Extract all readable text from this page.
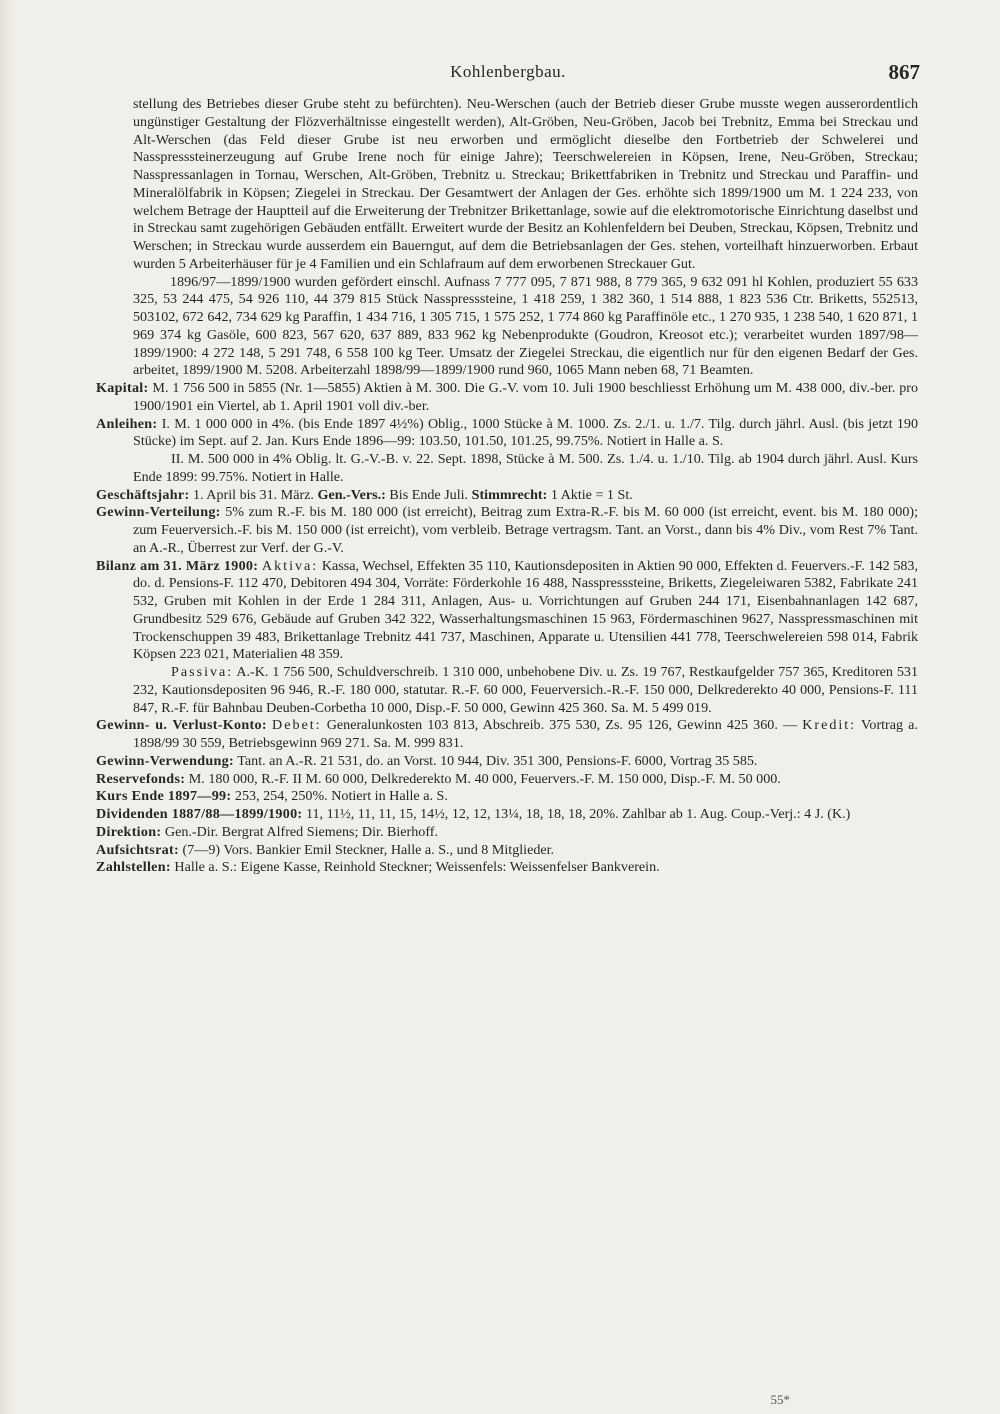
Kohlenbergbau.	867

stellung des Betriebes dieser Grube steht zu befürchten). Neu-Werschen (auch der Betrieb dieser Grube musste wegen ausserordentlich ungünstiger Gestaltung der Flözverhältnisse eingestellt werden), Alt-Gröben, Neu-Gröben, Jacob bei Trebnitz, Emma bei Streckau und Alt-Werschen (das Feld dieser Grube ist neu erworben und ermöglicht dieselbe den Fortbetrieb der Schwelerei und Nasspresssteinerzeugung auf Grube Irene noch für einige Jahre); Teerschwelereien in Köpsen, Irene, Neu-Gröben, Streckau; Nasspressanlagen in Tornau, Werschen, Alt-Gröben, Trebnitz u. Streckau; Brikettfabriken in Trebnitz und Streckau und Paraffin- und Mineralölfabrik in Köpsen; Ziegelei in Streckau. Der Gesamtwert der Anlagen der Ges. erhöhte sich 1899/1900 um M. 1 224 233, von welchem Betrage der Hauptteil auf die Erweiterung der Trebnitzer Brikettanlage, sowie auf die elektromotorische Einrichtung daselbst und in Streckau samt zugehörigen Gebäuden entfällt. Erweitert wurde der Besitz an Kohlenfeldern bei Deuben, Streckau, Köpsen, Trebnitz und Werschen; in Streckau wurde ausserdem ein Bauerngut, auf dem die Betriebsanlagen der Ges. stehen, vorteilhaft hinzuerworben. Erbaut wurden 5 Arbeiterhäuser für je 4 Familien und ein Schlafraum auf dem erworbenen Streckauer Gut.

1896/97—1899/1900 wurden gefördert einschl. Aufnass 7 777 095, 7 871 988, 8 779 365, 9 632 091 hl Kohlen, produziert 55 633 325, 53 244 475, 54 926 110, 44 379 815 Stück Nasspresssteine, 1 418 259, 1 382 360, 1 514 888, 1 823 536 Ctr. Briketts, 552513, 503102, 672 642, 734 629 kg Paraffin, 1 434 716, 1 305 715, 1 575 252, 1 774 860 kg Paraffinöle etc., 1 270 935, 1 238 540, 1 620 871, 1 969 374 kg Gasöle, 600 823, 567 620, 637 889, 833 962 kg Nebenprodukte (Goudron, Kreosot etc.); verarbeitet wurden 1897/98—1899/1900: 4 272 148, 5 291 748, 6 558 100 kg Teer. Umsatz der Ziegelei Streckau, die eigentlich nur für den eigenen Bedarf der Ges. arbeitet, 1899/1900 M. 5208. Arbeiterzahl 1898/99—1899/1900 rund 960, 1065 Mann neben 68, 71 Beamten.

Kapital: M. 1 756 500 in 5855 (Nr. 1—5855) Aktien à M. 300. Die G.-V. vom 10. Juli 1900 beschliesst Erhöhung um M. 438 000, div.-ber. pro 1900/1901 ein Viertel, ab 1. April 1901 voll div.-ber.

Anleihen: I. M. 1 000 000 in 4%. (bis Ende 1897 4½%) Oblig., 1000 Stücke à M. 1000. Zs. 2./1. u. 1./7. Tilg. durch jährl. Ausl. (bis jetzt 190 Stücke) im Sept. auf 2. Jan. Kurs Ende 1896—99: 103.50, 101.50, 101.25, 99.75%. Notiert in Halle a. S.

II. M. 500 000 in 4% Oblig. lt. G.-V.-B. v. 22. Sept. 1898, Stücke à M. 500. Zs. 1./4. u. 1./10. Tilg. ab 1904 durch jährl. Ausl. Kurs Ende 1899: 99.75%. Notiert in Halle.

Geschäftsjahr: 1. April bis 31. März. Gen.-Vers.: Bis Ende Juli. Stimmrecht: 1 Aktie = 1 St.

Gewinn-Verteilung: 5% zum R.-F. bis M. 180 000 (ist erreicht), Beitrag zum Extra-R.-F. bis M. 60 000 (ist erreicht, event. bis M. 180 000); zum Feuerversich.-F. bis M. 150 000 (ist erreicht), vom verbleib. Betrage vertragsm. Tant. an Vorst., dann bis 4% Div., vom Rest 7% Tant. an A.-R., Überrest zur Verf. der G.-V.

Bilanz am 31. März 1900: Aktiva: Kassa, Wechsel, Effekten 35 110, Kautionsdepositen in Aktien 90 000, Effekten d. Feuervers.-F. 142 583, do. d. Pensions-F. 112 470, Debitoren 494 304, Vorräte: Förderkohle 16 488, Nasspresssteine, Briketts, Ziegeleiwaren 5382, Fabrikate 241 532, Gruben mit Kohlen in der Erde 1 284 311, Anlagen, Aus- u. Vorrichtungen auf Gruben 244 171, Eisenbahnanlagen 142 687, Grundbesitz 529 676, Gebäude auf Gruben 342 322, Wasserhaltungsmaschinen 15 963, Fördermaschinen 9627, Nasspressmaschinen mit Trockenschuppen 39 483, Brikettanlage Trebnitz 441 737, Maschinen, Apparate u. Utensilien 441 778, Teerschwelereien 598 014, Fabrik Köpsen 223 021, Materialien 48 359.

Passiva: A.-K. 1 756 500, Schuldverschreib. 1 310 000, unbehobene Div. u. Zs. 19 767, Restkaufgelder 757 365, Kreditoren 531 232, Kautionsdepositen 96 946, R.-F. 180 000, statutar. R.-F. 60 000, Feuerversich.-R.-F. 150 000, Delkrederekto 40 000, Pensions-F. 111 847, R.-F. für Bahnbau Deuben-Corbetha 10 000, Disp.-F. 50 000, Gewinn 425 360. Sa. M. 5 499 019.

Gewinn- u. Verlust-Konto: Debet: Generalunkosten 103 813, Abschreib. 375 530, Zs. 95 126, Gewinn 425 360. — Kredit: Vortrag a. 1898/99 30 559, Betriebsgewinn 969 271. Sa. M. 999 831.

Gewinn-Verwendung: Tant. an A.-R. 21 531, do. an Vorst. 10 944, Div. 351 300, Pensions-F. 6000, Vortrag 35 585.

Reservefonds: M. 180 000, R.-F. II M. 60 000, Delkrederekto M. 40 000, Feuervers.-F. M. 150 000, Disp.-F. M. 50 000.

Kurs Ende 1897—99: 253, 254, 250%. Notiert in Halle a. S.

Dividenden 1887/88—1899/1900: 11, 11½, 11, 11, 15, 14½, 12, 12, 13¼, 18, 18, 18, 20%. Zahlbar ab 1. Aug. Coup.-Verj.: 4 J. (K.)

Direktion: Gen.-Dir. Bergrat Alfred Siemens; Dir. Bierhoff.

Aufsichtsrat: (7—9) Vors. Bankier Emil Steckner, Halle a. S., und 8 Mitglieder.

Zahlstellen: Halle a. S.: Eigene Kasse, Reinhold Steckner; Weissenfels: Weissenfelser Bankverein.

55*
